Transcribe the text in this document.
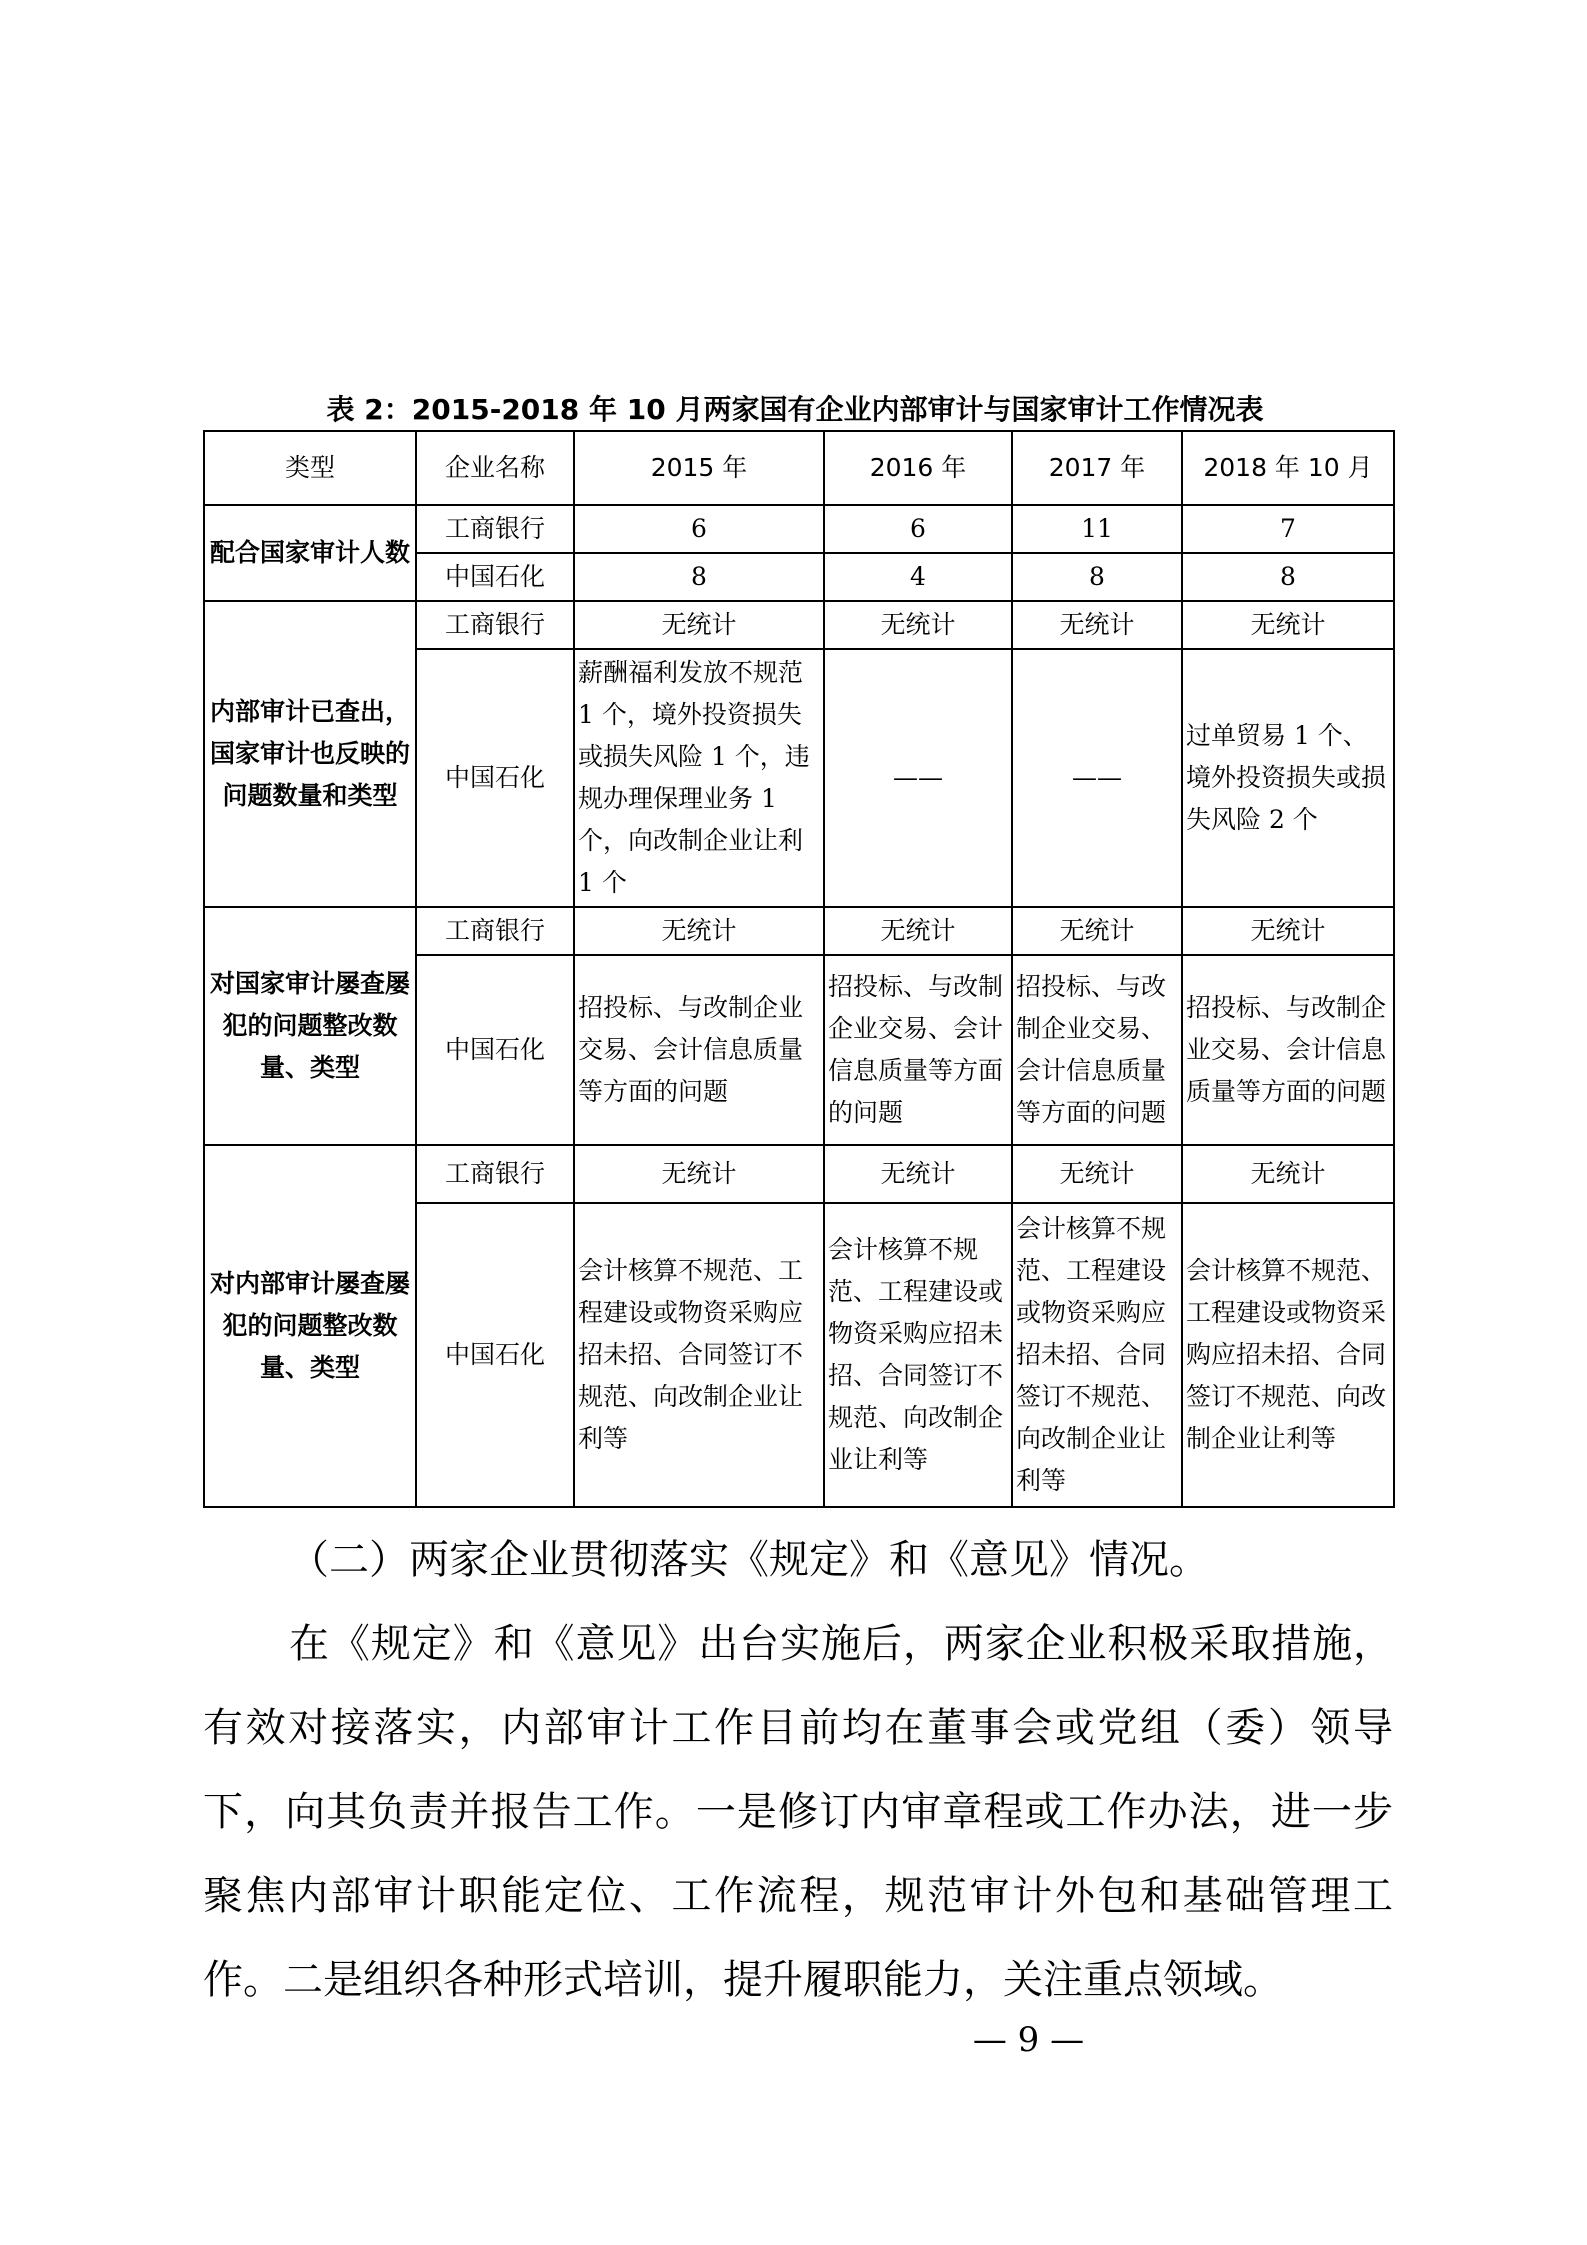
表 2：2015-2018 年 10 月两家国有企业内部审计与国家审计工作情况表
类型	企业名称	2015 年	2016 年	2017 年	2018 年 10 月
配合国家审计人数	工商银行	6	6	11	7
	中国石化	8	4	8	8
内部审计已查出，国家审计也反映的问题数量和类型	工商银行	无统计	无统计	无统计	无统计
	中国石化	薪酬福利发放不规范 1 个，境外投资损失或损失风险 1 个，违规办理保理业务 1 个，向改制企业让利 1 个	——	——	过单贸易 1 个、境外投资损失或损失风险 2 个
对国家审计屡查屡犯的问题整改数量、类型	工商银行	无统计	无统计	无统计	无统计
	中国石化	招投标、与改制企业交易、会计信息质量等方面的问题	招投标、与改制企业交易、会计信息质量等方面的问题	招投标、与改制企业交易、会计信息质量等方面的问题	招投标、与改制企业交易、会计信息质量等方面的问题
对内部审计屡查屡犯的问题整改数量、类型	工商银行	无统计	无统计	无统计	无统计
	中国石化	会计核算不规范、工程建设或物资采购应招未招、合同签订不规范、向改制企业让利等	会计核算不规范、工程建设或物资采购应招未招、合同签订不规范、向改制企业让利等	会计核算不规范、工程建设或物资采购应招未招、合同签订不规范、向改制企业让利等	会计核算不规范、工程建设或物资采购应招未招、合同签订不规范、向改制企业让利等
（二）两家企业贯彻落实《规定》和《意见》情况。
在《规定》和《意见》出台实施后，两家企业积极采取措施，有效对接落实，内部审计工作目前均在董事会或党组（委）领导下，向其负责并报告工作。一是修订内审章程或工作办法，进一步聚焦内部审计职能定位、工作流程，规范审计外包和基础管理工作。二是组织各种形式培训，提升履职能力，关注重点领域。
— 9 —
